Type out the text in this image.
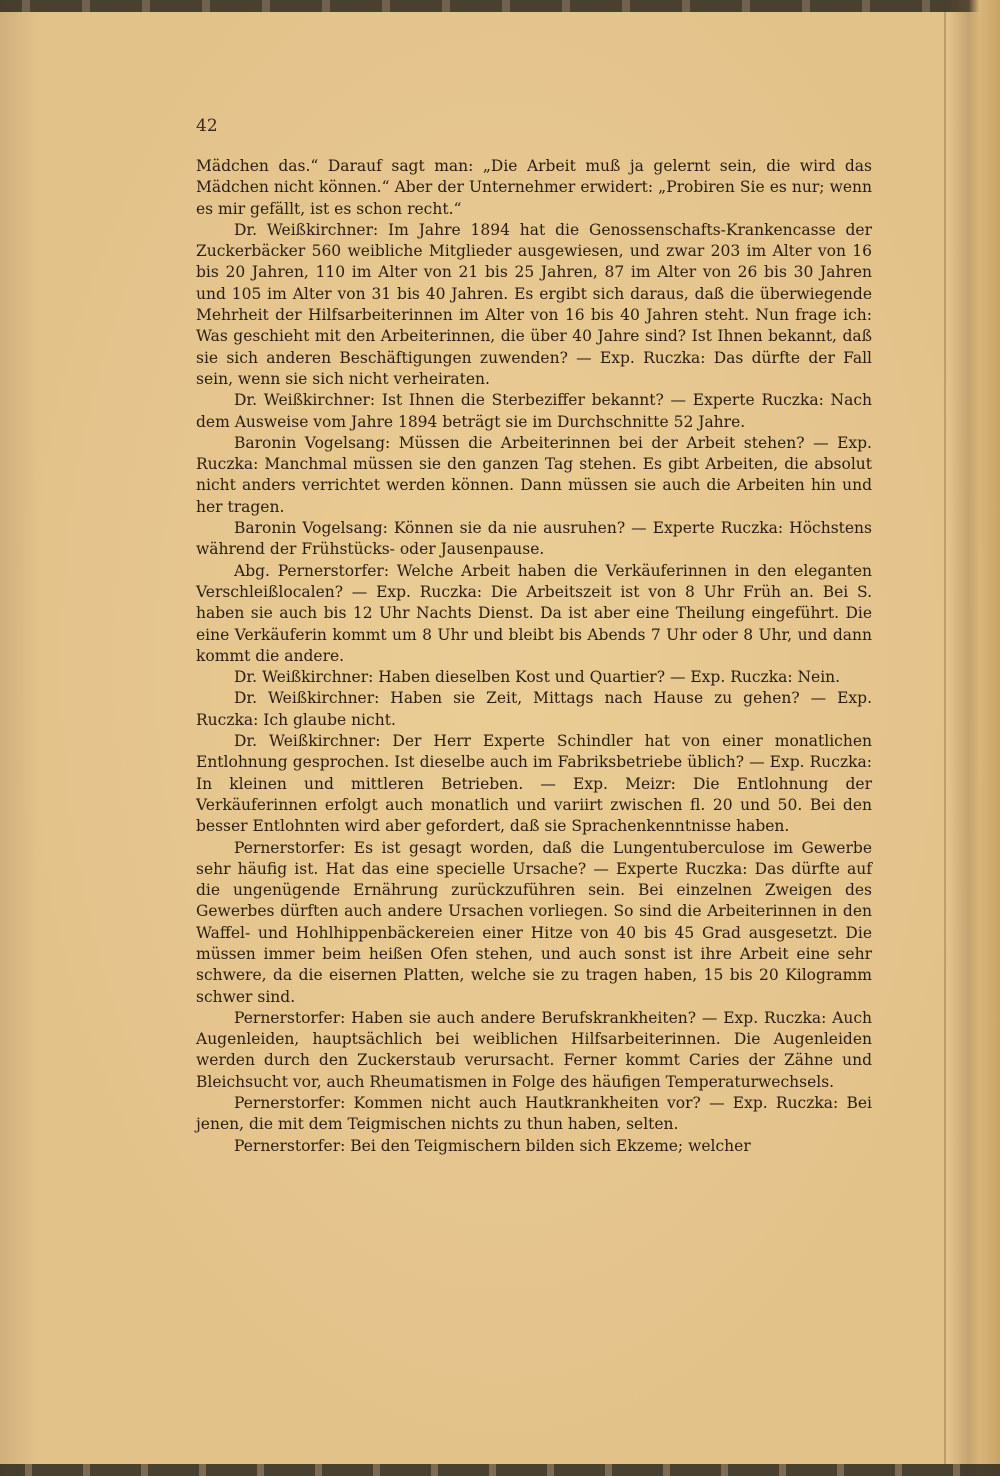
42

Mädchen das.“ Darauf sagt man: „Die Arbeit muß ja gelernt sein, die wird das Mädchen nicht können.“ Aber der Unternehmer erwidert: „Probiren Sie es nur; wenn es mir gefällt, ist es schon recht.“

Dr. Weißkirchner: Im Jahre 1894 hat die Genossenschafts-Krankencasse der Zuckerbäcker 560 weibliche Mitglieder ausgewiesen, und zwar 203 im Alter von 16 bis 20 Jahren, 110 im Alter von 21 bis 25 Jahren, 87 im Alter von 26 bis 30 Jahren und 105 im Alter von 31 bis 40 Jahren. Es ergibt sich daraus, daß die überwiegende Mehrheit der Hilfsarbeiterinnen im Alter von 16 bis 40 Jahren steht. Nun frage ich: Was geschieht mit den Arbeiterinnen, die über 40 Jahre sind? Ist Ihnen bekannt, daß sie sich anderen Beschäftigungen zuwenden? — Exp. Ruczka: Das dürfte der Fall sein, wenn sie sich nicht verheiraten.

Dr. Weißkirchner: Ist Ihnen die Sterbeziffer bekannt? — Experte Ruczka: Nach dem Ausweise vom Jahre 1894 beträgt sie im Durchschnitte 52 Jahre.

Baronin Vogelsang: Müssen die Arbeiterinnen bei der Arbeit stehen? — Exp. Ruczka: Manchmal müssen sie den ganzen Tag stehen. Es gibt Arbeiten, die absolut nicht anders verrichtet werden können. Dann müssen sie auch die Arbeiten hin und her tragen.

Baronin Vogelsang: Können sie da nie ausruhen? — Experte Ruczka: Höchstens während der Frühstücks- oder Jausenpause.

Abg. Pernerstorfer: Welche Arbeit haben die Verkäuferinnen in den eleganten Verschleißlocalen? — Exp. Ruczka: Die Arbeitszeit ist von 8 Uhr Früh an. Bei S. haben sie auch bis 12 Uhr Nachts Dienst. Da ist aber eine Theilung eingeführt. Die eine Verkäuferin kommt um 8 Uhr und bleibt bis Abends 7 Uhr oder 8 Uhr, und dann kommt die andere.

Dr. Weißkirchner: Haben dieselben Kost und Quartier? — Exp. Ruczka: Nein.

Dr. Weißkirchner: Haben sie Zeit, Mittags nach Hause zu gehen? — Exp. Ruczka: Ich glaube nicht.

Dr. Weißkirchner: Der Herr Experte Schindler hat von einer monatlichen Entlohnung gesprochen. Ist dieselbe auch im Fabriksbetriebe üblich? — Exp. Ruczka: In kleinen und mittleren Betrieben. — Exp. Meizr: Die Entlohnung der Verkäuferinnen erfolgt auch monatlich und variirt zwischen fl. 20 und 50. Bei den besser Entlohnten wird aber gefordert, daß sie Sprachenkenntnisse haben.

Pernerstorfer: Es ist gesagt worden, daß die Lungentuberculose im Gewerbe sehr häufig ist. Hat das eine specielle Ursache? — Experte Ruczka: Das dürfte auf die ungenügende Ernährung zurückzuführen sein. Bei einzelnen Zweigen des Gewerbes dürften auch andere Ursachen vorliegen. So sind die Arbeiterinnen in den Waffel- und Hohlhippenbäckereien einer Hitze von 40 bis 45 Grad ausgesetzt. Die müssen immer beim heißen Ofen stehen, und auch sonst ist ihre Arbeit eine sehr schwere, da die eisernen Platten, welche sie zu tragen haben, 15 bis 20 Kilogramm schwer sind.

Pernerstorfer: Haben sie auch andere Berufskrankheiten? — Exp. Ruczka: Auch Augenleiden, hauptsächlich bei weiblichen Hilfsarbeiterinnen. Die Augenleiden werden durch den Zuckerstaub verursacht. Ferner kommt Caries der Zähne und Bleichsucht vor, auch Rheumatismen in Folge des häufigen Temperaturwechsels.

Pernerstorfer: Kommen nicht auch Hautkrankheiten vor? — Exp. Ruczka: Bei jenen, die mit dem Teigmischen nichts zu thun haben, selten.

Pernerstorfer: Bei den Teigmischern bilden sich Ekzeme; welcher
